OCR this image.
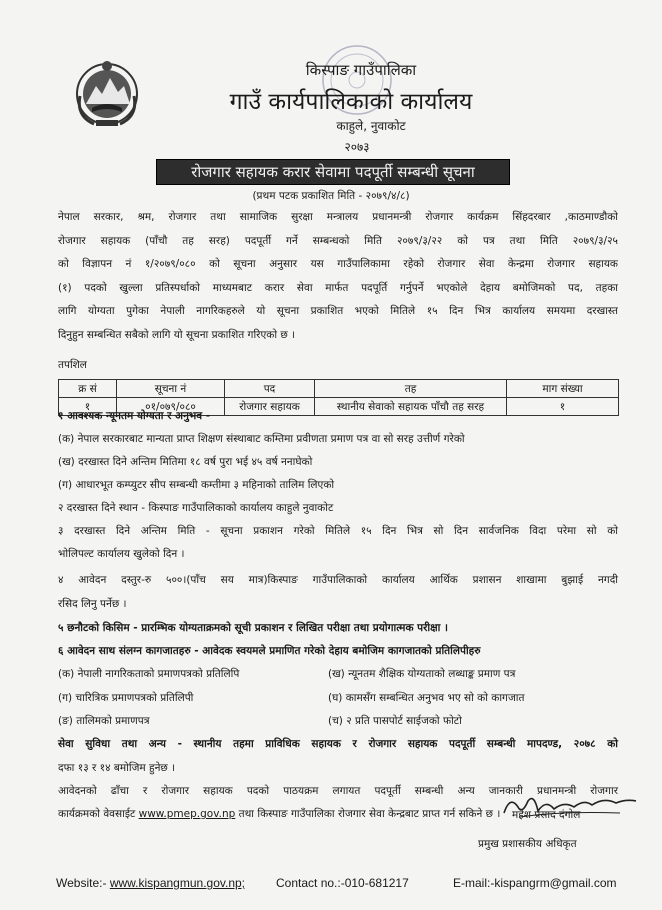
किस्पाङ गाउँपालिका
गाउँ कार्यपालिकाको कार्यालय
काहुले, नुवाकोट
२०७३
रोजगार सहायक करार सेवामा पदपूर्ती सम्बन्धी सूचना
(प्रथम पटक प्रकाशित मिति - २०७९/४/८)
नेपाल सरकार, श्रम, रोजगार तथा सामाजिक सुरक्षा मन्त्रालय प्रधानमन्त्री रोजगार कार्यक्रम सिंहदरबार ,काठमाण्डौको
रोजगार सहायक (पाँचौ तह सरह) पदपूर्ती गर्ने सम्बन्धको मिति २०७९/३/२२ को पत्र तथा मिति २०७९/३/२५
को विज्ञापन नं १/२०७९/०८० को सूचना अनुसार यस गाउँपालिकामा रहेको रोजगार सेवा केन्द्रमा रोजगार सहायक
(१) पदको खुल्ला प्रतिस्पर्धाको माध्यमबाट करार सेवा मार्फत पदपूर्ति गर्नुपर्ने भएकोले देहाय बमोजिमको पद, तहका
लागि योग्यता पुगेका नेपाली नागरिकहरुले यो सूचना प्रकाशित भएको मितिले १५ दिन भित्र कार्यालय समयमा दरखास्त
दिनुहुन सम्बन्धित सबैको लागि यो सूचना प्रकाशित गरिएको छ ।
तपशिल
क्र सं	सूचना नं	पद	तह	माग संख्या
१	०१/०७९/०८०	रोजगार सहायक	स्थानीय सेवाको सहायक पाँचौ तह सरह	१
१ आवश्यक न्यूनतम योग्यता र अनुभव -
(क) नेपाल सरकारबाट मान्यता प्राप्त शिक्षण संस्थाबाट कम्तिमा प्रवीणता प्रमाण पत्र वा सो सरह उत्तीर्ण गरेको
(ख) दरखास्त दिने अन्तिम मितिमा १८ वर्ष पुरा भई ४५ वर्ष ननाघेको
(ग) आधारभूत कम्प्युटर सीप सम्बन्धी कम्तीमा ३ महिनाको तालिम लिएको
२ दरखास्त दिने स्थान - किस्पाङ गाउँपालिकाको कार्यालय काहुले नुवाकोट
३ दरखास्त दिने अन्तिम मिति - सूचना प्रकाशन गरेको मितिले १५ दिन भित्र सो दिन सार्वजनिक विदा परेमा सो को
भोलिपल्ट कार्यालय खुलेको दिन ।
४ आवेदन दस्तुर-रु ५००।(पाँच सय मात्र)किस्पाङ गाउँपालिकाको कार्यालय आर्थिक प्रशासन शाखामा बुझाई नगदी
रसिद लिनु पर्नेछ ।
५ छनौटको किसिम - प्रारम्भिक योग्यताक्रमको सूची प्रकाशन र लिखित परीक्षा तथा प्रयोगात्मक परीक्षा ।
६ आवेदन साथ संलग्न कागजातहरु - आवेदक स्वयमले प्रमाणित गरेको देहाय बमोजिम कागजातको प्रतिलिपीहरु
(क) नेपाली नागरिकताको प्रमाणपत्रको प्रतिलिपि	(ख) न्यूनतम शैक्षिक योग्यताको लब्धाङ्क प्रमाण पत्र
(ग) चारित्रिक प्रमाणपत्रको प्रतिलिपी	(घ) कामसँग सम्बन्धित अनुभव भए सो को कागजात
(ङ) तालिमको प्रमाणपत्र	(च) २ प्रति पासपोर्ट साईजको फोटो
सेवा सुविधा तथा अन्य - स्थानीय तहमा प्राविधिक सहायक र रोजगार सहायक पदपूर्ती सम्बन्धी मापदण्ड, २०७८ को
दफा १३ र १४ बमोजिम हुनेछ ।
आवेदनको ढाँचा र रोजगार सहायक पदको पाठयक्रम लगायत पदपूर्ती सम्बन्धी अन्य जानकारी प्रधानमन्त्री रोजगार
कार्यक्रमको वेवसाईट www.pmep.gov.np तथा किस्पाङ गाउँपालिका रोजगार सेवा केन्द्रबाट प्राप्त गर्न सकिने छ ।	महेश प्रसाद दंगोल
प्रमुख प्रशासकीय अधिकृत
Website:- www.kispangmun.gov.np;	Contact no.:-010-681217	E-mail:-kispangrm@gmail.com
